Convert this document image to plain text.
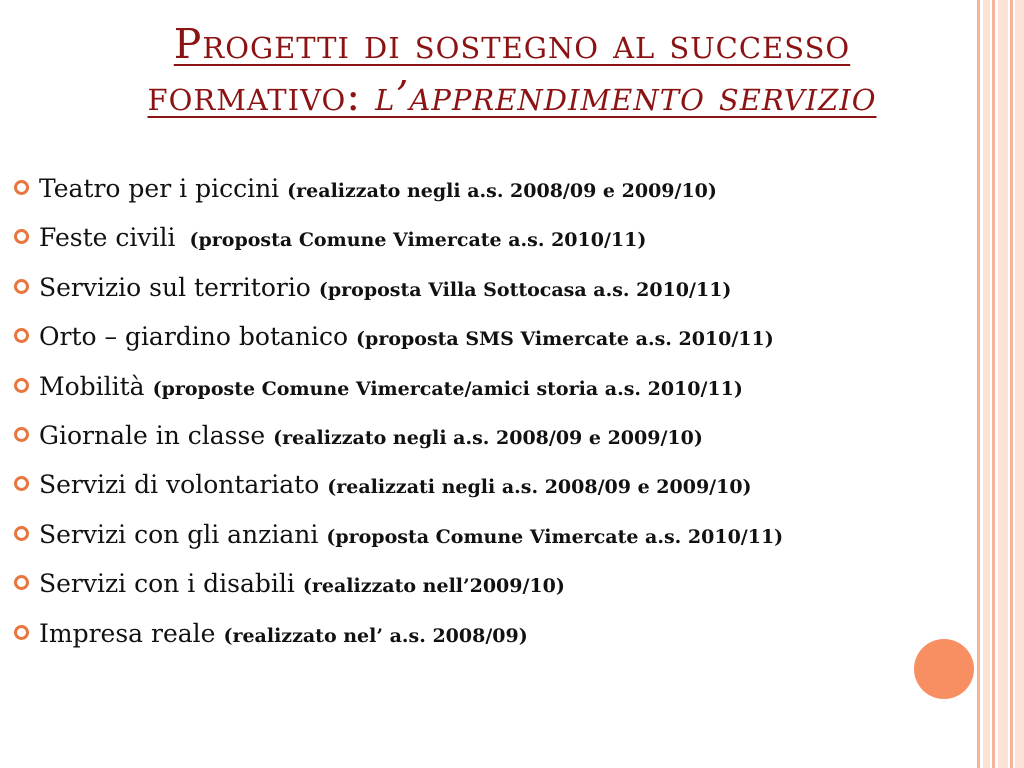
Progetti di sostegno al successo
formativo: l’apprendimento servizio
Teatro per i piccini (realizzato negli a.s. 2008/09 e 2009/10)
Feste civili (proposta Comune Vimercate a.s. 2010/11)
Servizio sul territorio (proposta Villa Sottocasa a.s. 2010/11)
Orto – giardino botanico (proposta SMS Vimercate a.s. 2010/11)
Mobilità (proposte Comune Vimercate/amici storia a.s. 2010/11)
Giornale in classe (realizzato negli a.s. 2008/09 e 2009/10)
Servizi di volontariato (realizzati negli a.s. 2008/09 e 2009/10)
Servizi con gli anziani (proposta Comune Vimercate a.s. 2010/11)
Servizi con i disabili (realizzato nell’2009/10)
Impresa reale (realizzato nel’ a.s. 2008/09)
